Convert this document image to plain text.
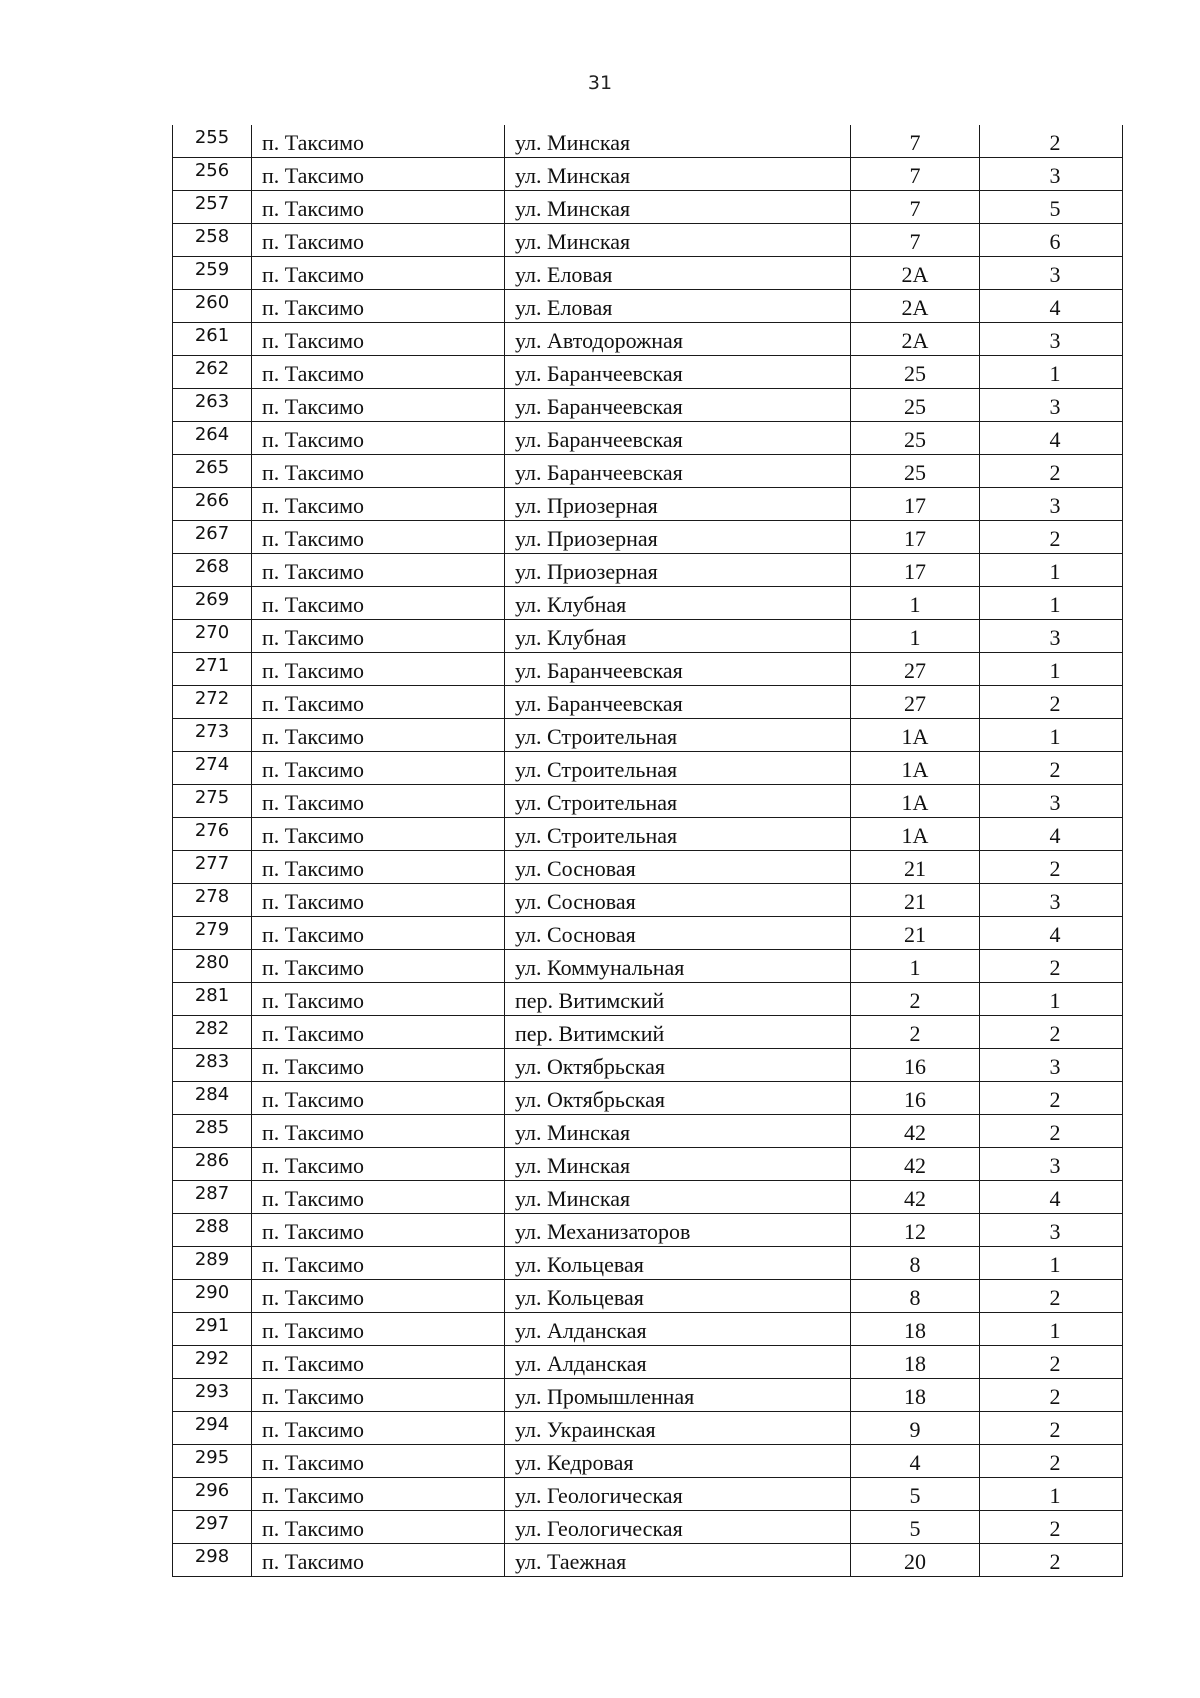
31
255	п. Таксимо	ул. Минская	7	2
256	п. Таксимо	ул. Минская	7	3
257	п. Таксимо	ул. Минская	7	5
258	п. Таксимо	ул. Минская	7	6
259	п. Таксимо	ул. Еловая	2А	3
260	п. Таксимо	ул. Еловая	2А	4
261	п. Таксимо	ул. Автодорожная	2А	3
262	п. Таксимо	ул. Баранчеевская	25	1
263	п. Таксимо	ул. Баранчеевская	25	3
264	п. Таксимо	ул. Баранчеевская	25	4
265	п. Таксимо	ул. Баранчеевская	25	2
266	п. Таксимо	ул. Приозерная	17	3
267	п. Таксимо	ул. Приозерная	17	2
268	п. Таксимо	ул. Приозерная	17	1
269	п. Таксимо	ул. Клубная	1	1
270	п. Таксимо	ул. Клубная	1	3
271	п. Таксимо	ул. Баранчеевская	27	1
272	п. Таксимо	ул. Баранчеевская	27	2
273	п. Таксимо	ул. Строительная	1А	1
274	п. Таксимо	ул. Строительная	1А	2
275	п. Таксимо	ул. Строительная	1А	3
276	п. Таксимо	ул. Строительная	1А	4
277	п. Таксимо	ул. Сосновая	21	2
278	п. Таксимо	ул. Сосновая	21	3
279	п. Таксимо	ул. Сосновая	21	4
280	п. Таксимо	ул. Коммунальная	1	2
281	п. Таксимо	пер. Витимский	2	1
282	п. Таксимо	пер. Витимский	2	2
283	п. Таксимо	ул. Октябрьская	16	3
284	п. Таксимо	ул. Октябрьская	16	2
285	п. Таксимо	ул. Минская	42	2
286	п. Таксимо	ул. Минская	42	3
287	п. Таксимо	ул. Минская	42	4
288	п. Таксимо	ул. Механизаторов	12	3
289	п. Таксимо	ул. Кольцевая	8	1
290	п. Таксимо	ул. Кольцевая	8	2
291	п. Таксимо	ул. Алданская	18	1
292	п. Таксимо	ул. Алданская	18	2
293	п. Таксимо	ул. Промышленная	18	2
294	п. Таксимо	ул. Украинская	9	2
295	п. Таксимо	ул. Кедровая	4	2
296	п. Таксимо	ул. Геологическая	5	1
297	п. Таксимо	ул. Геологическая	5	2
298	п. Таксимо	ул. Таежная	20	2
